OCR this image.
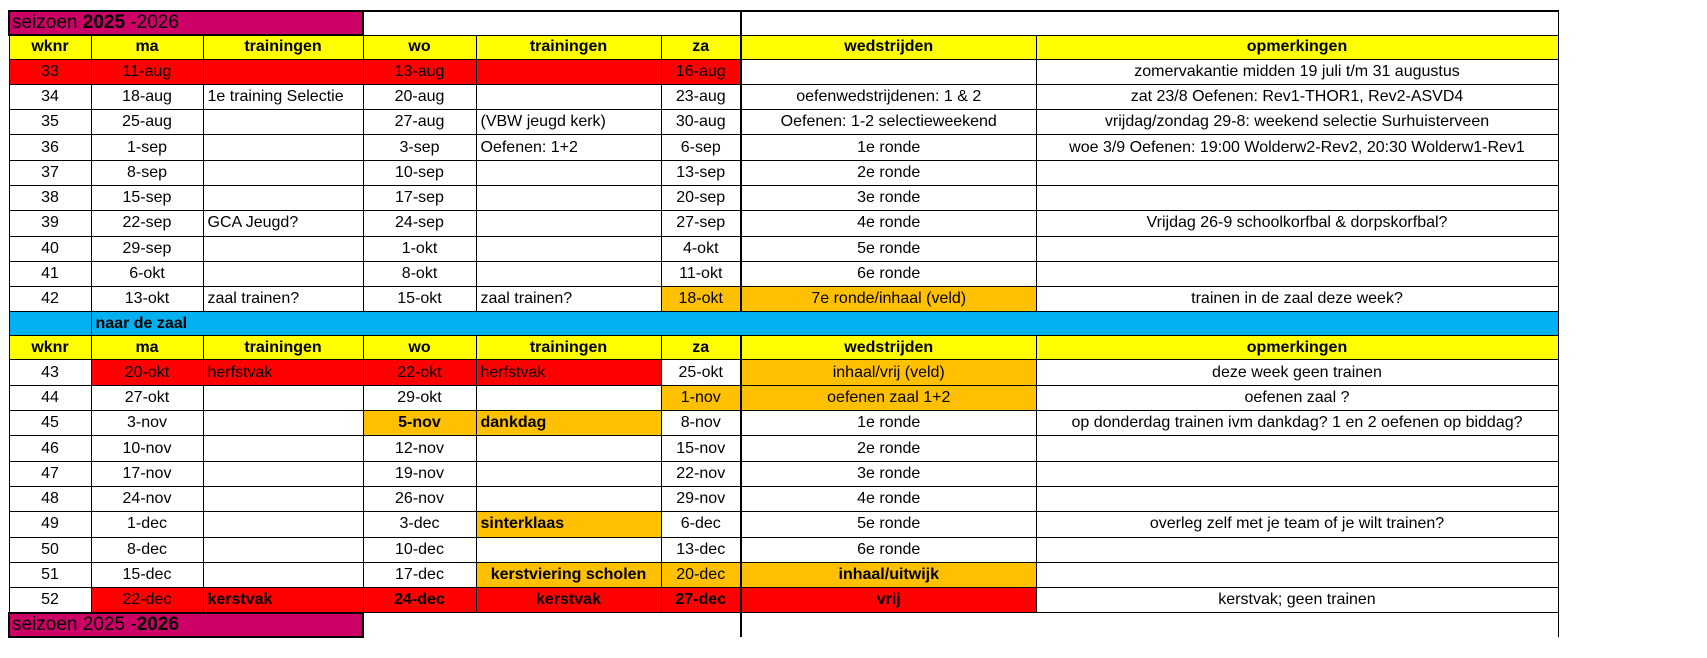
seizoen 2025 -2026							
wknr	ma	trainingen	wo	trainingen	za	wedstrijden	opmerkingen
33	11-aug		13-aug		16-aug		zomervakantie midden 19 juli t/m 31 augustus
34	18-aug	1e training Selectie	20-aug		23-aug	oefenwedstrijdenen: 1 & 2	zat 23/8 Oefenen: Rev1-THOR1, Rev2-ASVD4
35	25-aug		27-aug	(VBW jeugd kerk)	30-aug	Oefenen: 1-2 selectieweekend	vrijdag/zondag 29-8: weekend selectie Surhuisterveen
36	1-sep		3-sep	Oefenen: 1+2	6-sep	1e ronde	woe 3/9 Oefenen: 19:00 Wolderw2-Rev2, 20:30 Wolderw1-Rev1
37	8-sep		10-sep		13-sep	2e ronde	
38	15-sep		17-sep		20-sep	3e ronde	
39	22-sep	GCA Jeugd?	24-sep		27-sep	4e ronde	Vrijdag 26-9 schoolkorfbal & dorpskorfbal?
40	29-sep		1-okt		4-okt	5e ronde	
41	6-okt		8-okt		11-okt	6e ronde	
42	13-okt	zaal trainen?	15-okt	zaal trainen?	18-okt	7e ronde/inhaal (veld)	trainen in de zaal deze week?
	naar de zaal						
wknr	ma	trainingen	wo	trainingen	za	wedstrijden	opmerkingen
43	20-okt	herfstvak	22-okt	herfstvak	25-okt	inhaal/vrij (veld)	deze week geen trainen
44	27-okt		29-okt		1-nov	oefenen zaal 1+2	oefenen zaal ?
45	3-nov		5-nov	dankdag	8-nov	1e ronde	op donderdag trainen ivm dankdag? 1 en 2 oefenen op biddag?
46	10-nov		12-nov		15-nov	2e ronde	
47	17-nov		19-nov		22-nov	3e ronde	
48	24-nov		26-nov		29-nov	4e ronde	
49	1-dec		3-dec	sinterklaas	6-dec	5e ronde	overleg zelf met je team of je wilt trainen?
50	8-dec		10-dec		13-dec	6e ronde	
51	15-dec		17-dec	kerstviering scholen	20-dec	inhaal/uitwijk	
52	22-dec	kerstvak	24-dec	kerstvak	27-dec	vrij	kerstvak; geen trainen
seizoen 2025 -2026							
